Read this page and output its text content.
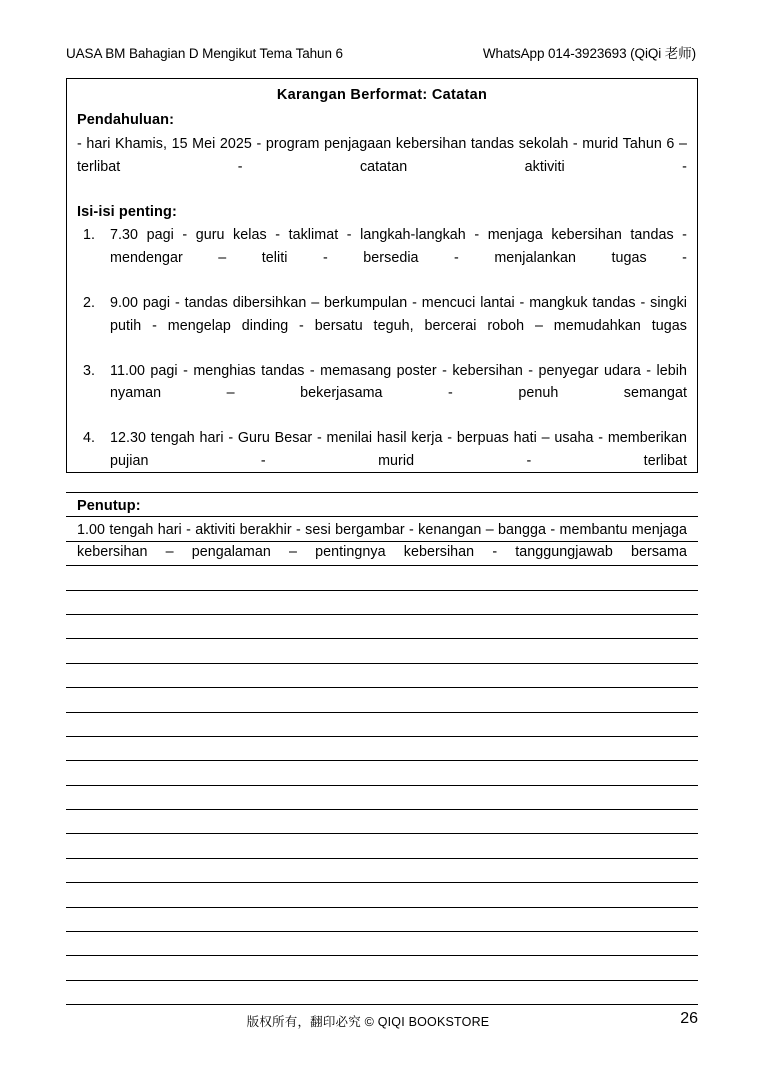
UASA BM Bahagian D Mengikut Tema Tahun 6	WhatsApp 014-3923693 (QiQi 老师)
Karangan Berformat: Catatan
Pendahuluan:
- hari Khamis, 15 Mei 2025 - program penjagaan kebersihan tandas sekolah - murid Tahun 6 – terlibat - catatan aktiviti -
Isi-isi penting:
1. 7.30 pagi - guru kelas - taklimat - langkah-langkah - menjaga kebersihan tandas - mendengar – teliti - bersedia - menjalankan tugas -
2. 9.00 pagi - tandas dibersihkan – berkumpulan - mencuci lantai - mangkuk tandas - singki putih - mengelap dinding - bersatu teguh, bercerai roboh – memudahkan tugas
3. 11.00 pagi - menghias tandas - memasang poster - kebersihan - penyegar udara - lebih nyaman – bekerjasama - penuh semangat
4. 12.30 tengah hari - Guru Besar - menilai hasil kerja - berpuas hati – usaha - memberikan pujian - murid - terlibat
Penutup:
1.00 tengah hari - aktiviti berakhir - sesi bergambar - kenangan – bangga - membantu menjaga kebersihan – pengalaman – pentingnya kebersihan - tanggungjawab bersama
版权所有，翻印必究 © QIQI BOOKSTORE	26
